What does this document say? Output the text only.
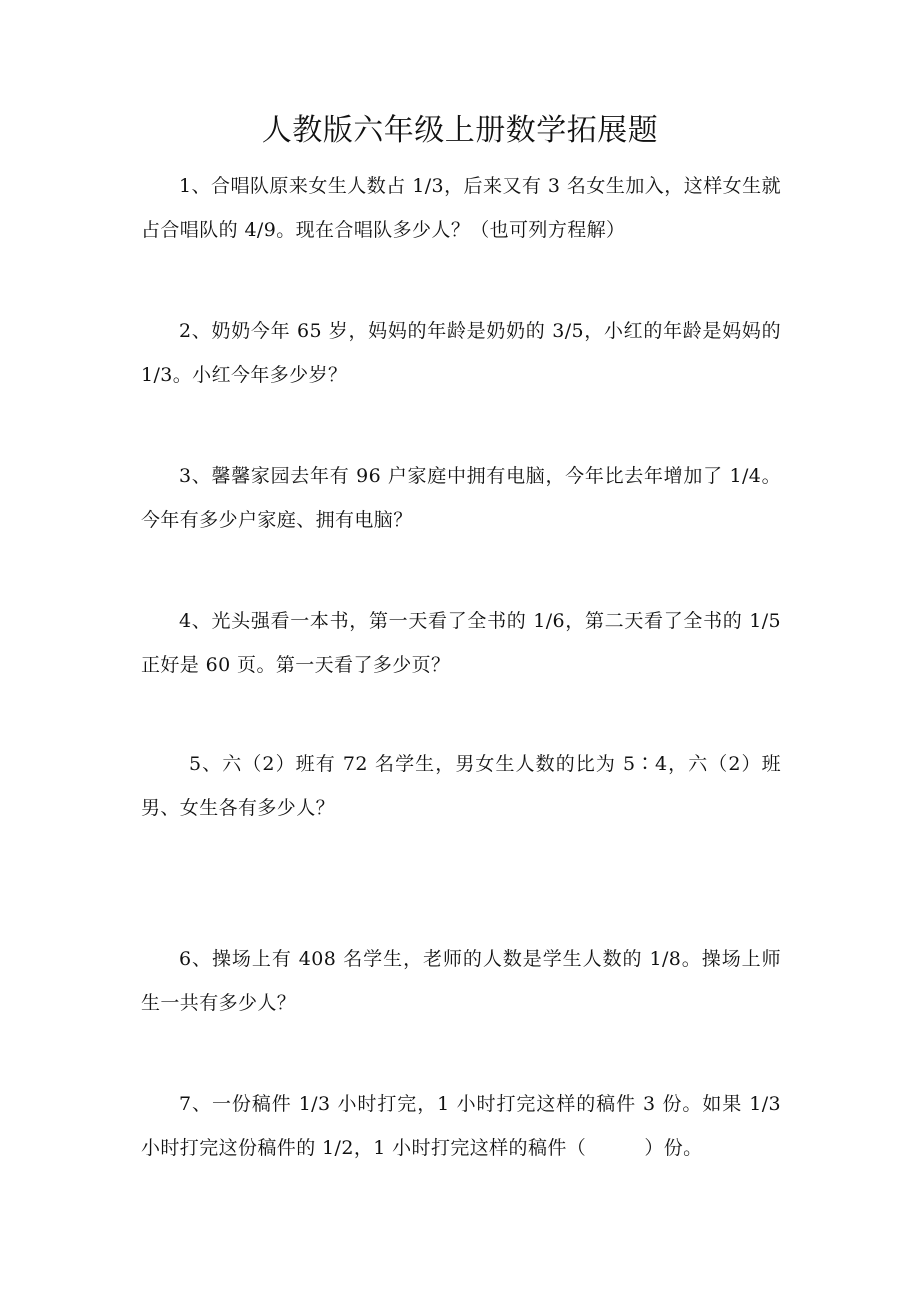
人教版六年级上册数学拓展题

1、合唱队原来女生人数占 1/3，后来又有 3 名女生加入，这样女生就占合唱队的 4/9。现在合唱队多少人？（也可列方程解）

2、奶奶今年 65 岁，妈妈的年龄是奶奶的 3/5，小红的年龄是妈妈的 1/3。小红今年多少岁？

3、馨馨家园去年有 96 户家庭中拥有电脑，今年比去年增加了 1/4。今年有多少户家庭、拥有电脑？

4、光头强看一本书，第一天看了全书的 1/6，第二天看了全书的 1/5 正好是 60 页。第一天看了多少页？

5、六（2）班有 72 名学生，男女生人数的比为 5∶4，六（2）班男、女生各有多少人？

6、操场上有 408 名学生，老师的人数是学生人数的 1/8。操场上师生一共有多少人？

7、一份稿件 1/3 小时打完，1 小时打完这样的稿件 3 份。如果 1/3 小时打完这份稿件的 1/2，1 小时打完这样的稿件（　　　）份。
